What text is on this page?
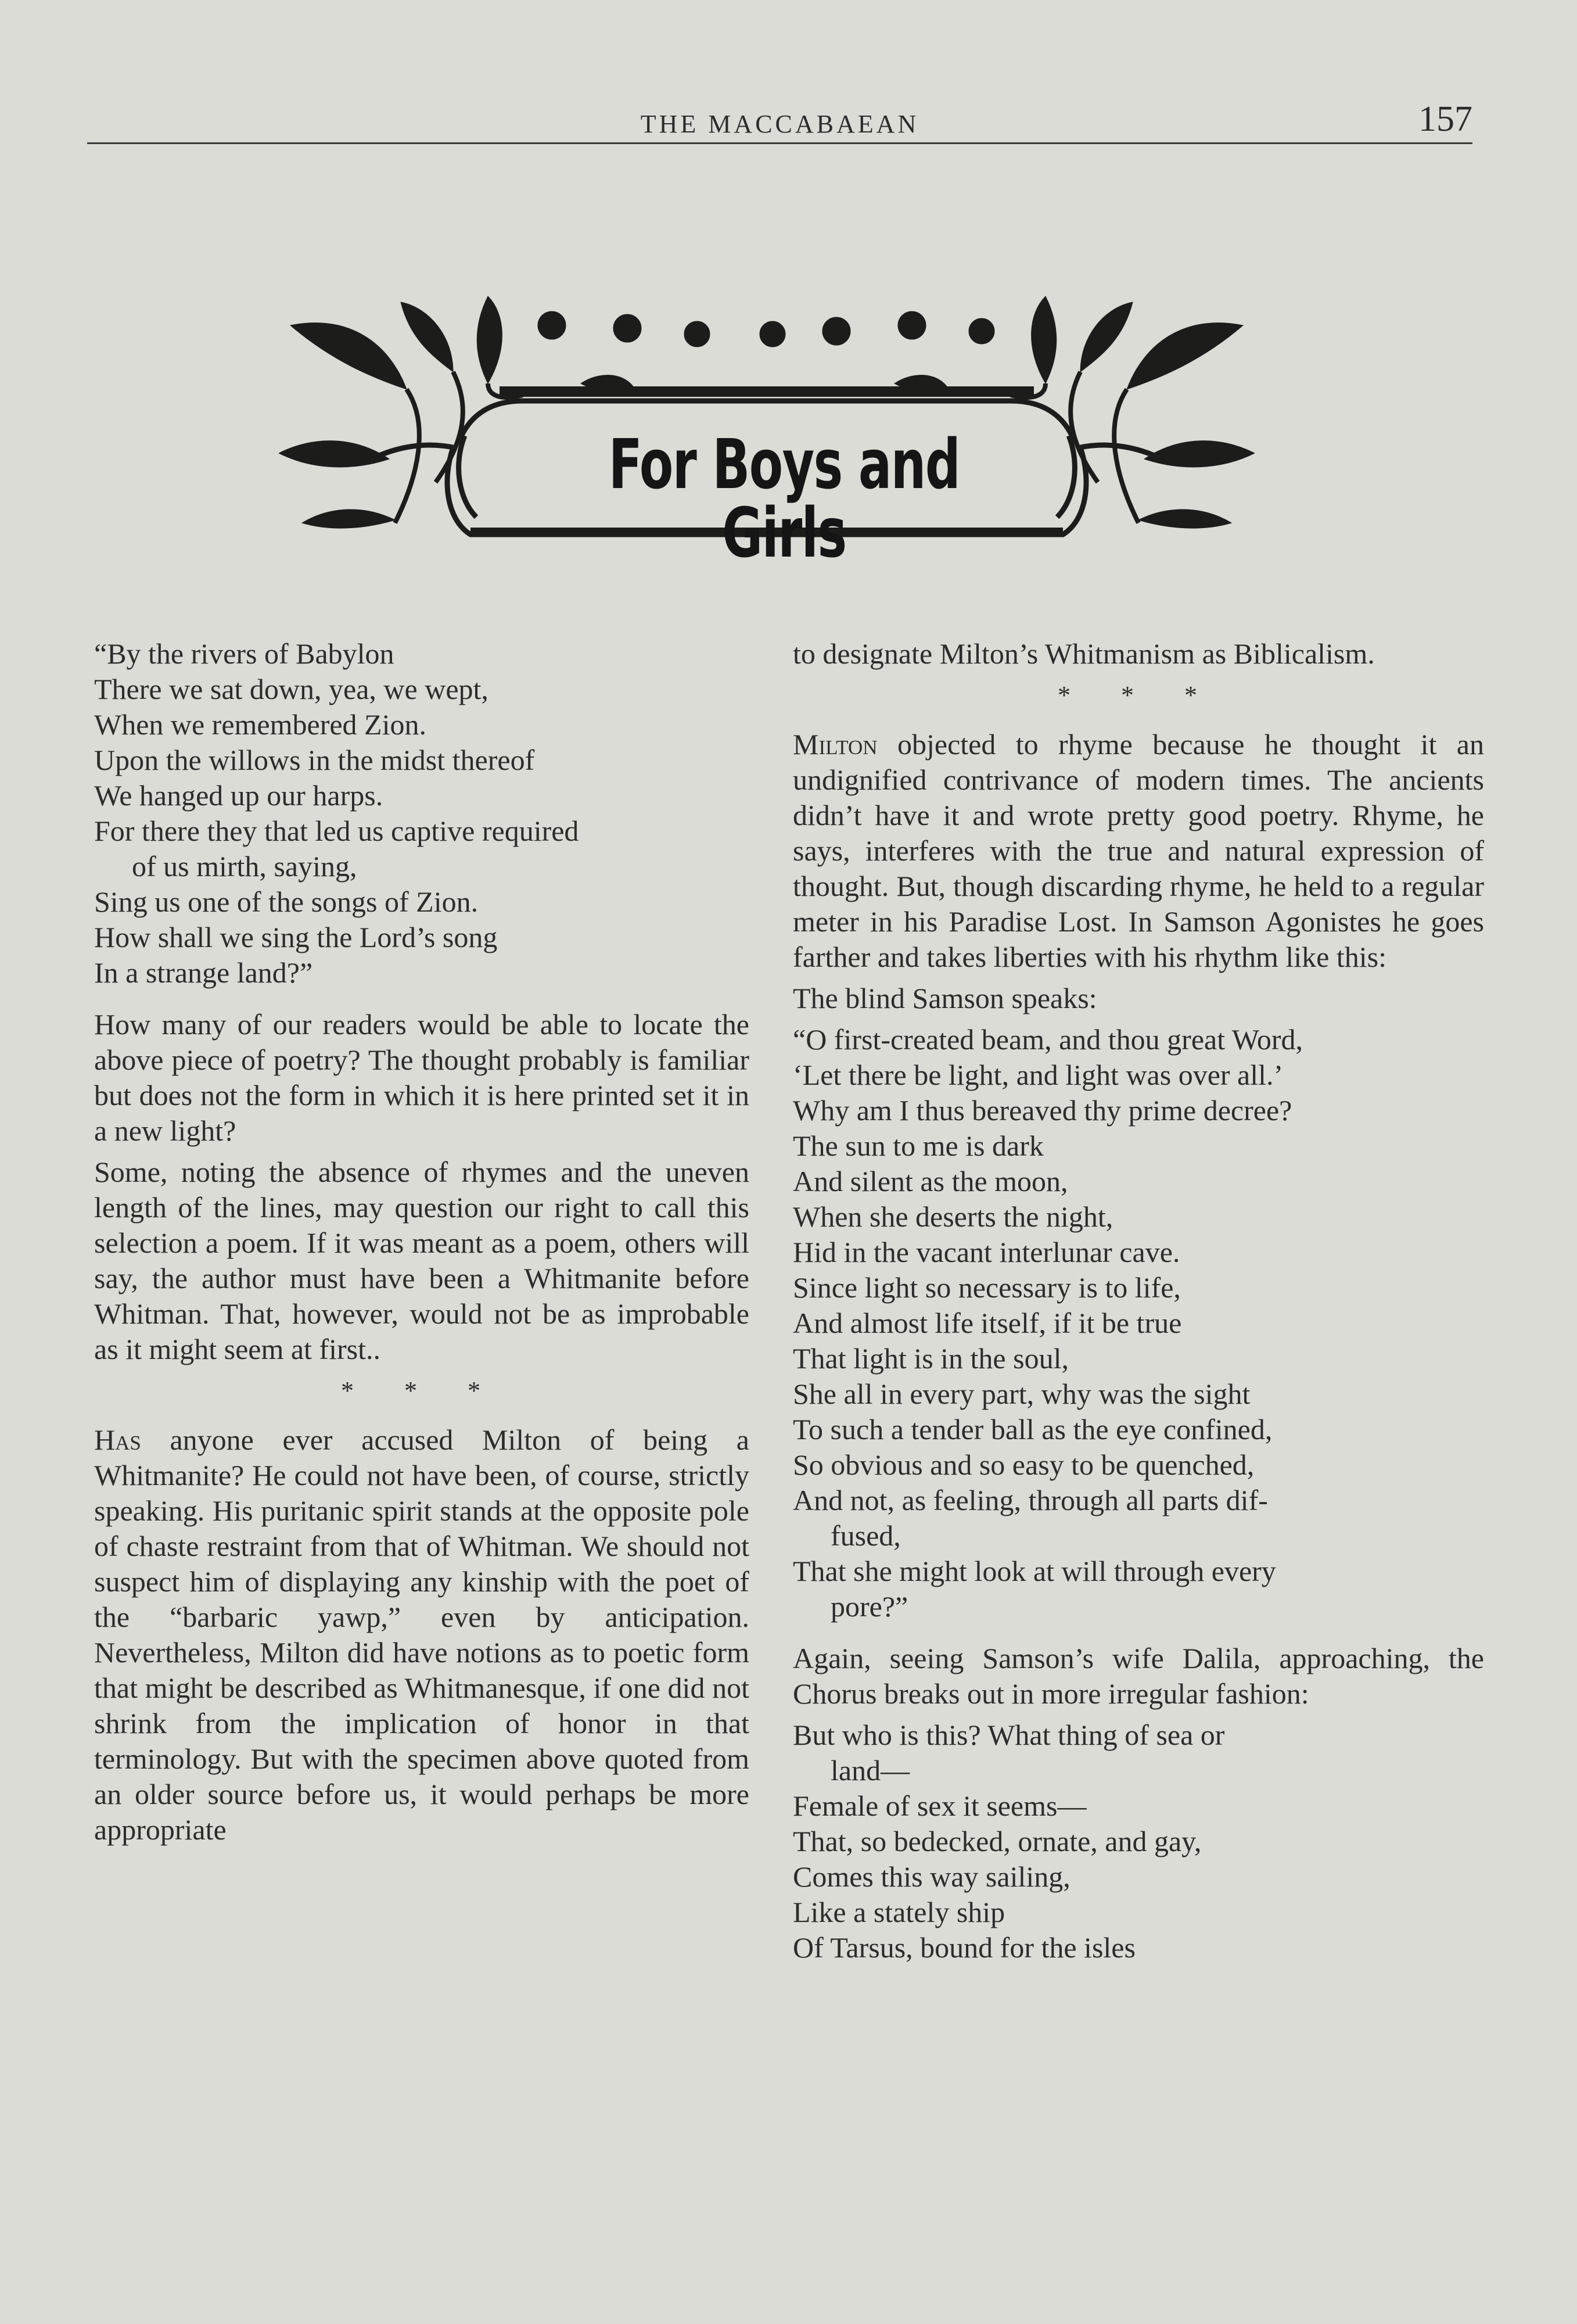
THE MACCABAEAN	157
For Boys and Girls
“By the rivers of Babylon
There we sat down, yea, we wept,
When we remembered Zion.
Upon the willows in the midst thereof
We hanged up our harps.
For there they that led us captive required
of us mirth, saying,
Sing us one of the songs of Zion.
How shall we sing the Lord’s song
In a strange land?”

How many of our readers would be able to locate the above piece of poetry? The thought probably is familiar but does not the form in which it is here printed set it in a new light?

Some, noting the absence of rhymes and the uneven length of the lines, may question our right to call this selection a poem. If it was meant as a poem, others will say, the author must have been a Whitmanite before Whitman. That, however, would not be as improbable as it might seem at first..

* * *

Has anyone ever accused Milton of being a Whitmanite? He could not have been, of course, strictly speaking. His puritanic spirit stands at the opposite pole of chaste restraint from that of Whitman. We should not suspect him of displaying any kinship with the poet of the “barbaric yawp,” even by anticipation. Nevertheless, Milton did have notions as to poetic form that might be described as Whitmanesque, if one did not shrink from the implication of honor in that terminology. But with the specimen above quoted from an older source before us, it would perhaps be more appropriate

to designate Milton’s Whitmanism as Biblicalism.

* * *

Milton objected to rhyme because he thought it an undignified contrivance of modern times. The ancients didn’t have it and wrote pretty good poetry. Rhyme, he says, interferes with the true and natural expression of thought. But, though discarding rhyme, he held to a regular meter in his Paradise Lost. In Samson Agonistes he goes farther and takes liberties with his rhythm like this:

The blind Samson speaks:

“O first-created beam, and thou great Word,
‘Let there be light, and light was over all.’
Why am I thus bereaved thy prime decree?
The sun to me is dark
And silent as the moon,
When she deserts the night,
Hid in the vacant interlunar cave.
Since light so necessary is to life,
And almost life itself, if it be true
That light is in the soul,
She all in every part, why was the sight
To such a tender ball as the eye confined,
So obvious and so easy to be quenched,
And not, as feeling, through all parts dif-
fused,
That she might look at will through every
pore?”

Again, seeing Samson’s wife Dalila, approaching, the Chorus breaks out in more irregular fashion:

But who is this? What thing of sea or
land—
Female of sex it seems—
That, so bedecked, ornate, and gay,
Comes this way sailing,
Like a stately ship
Of Tarsus, bound for the isles
